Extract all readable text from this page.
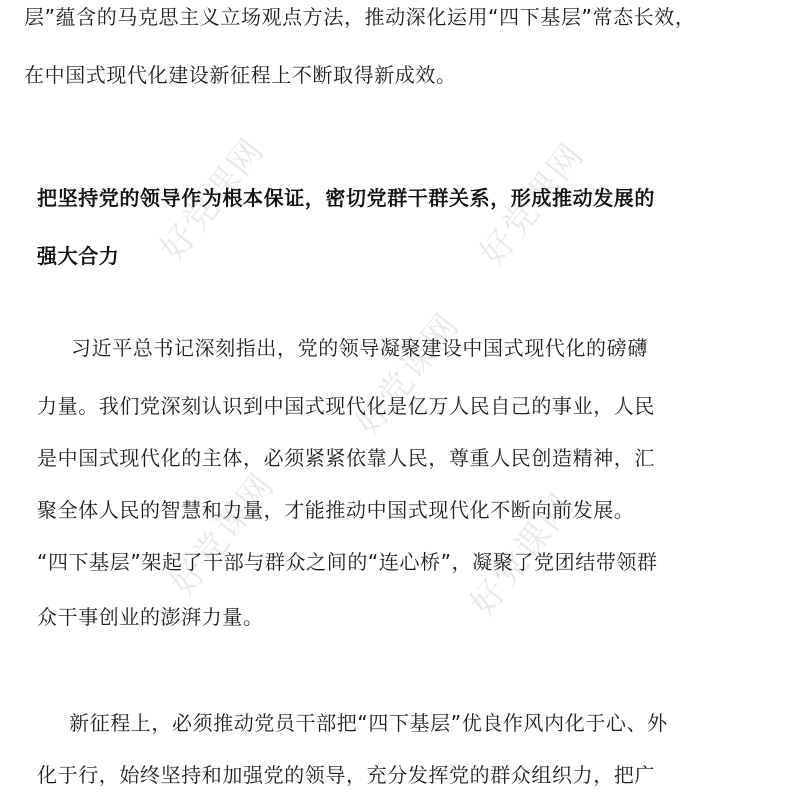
好党课网	好党课网
好党课网
好党课网	好党课网
层”蕴含的马克思主义立场观点方法，推动深化运用“四下基层”常态长效，
在中国式现代化建设新征程上不断取得新成效。
把坚持党的领导作为根本保证，密切党群干群关系，形成推动发展的
强大合力
习近平总书记深刻指出，党的领导凝聚建设中国式现代化的磅礴
力量。我们党深刻认识到中国式现代化是亿万人民自己的事业，人民
是中国式现代化的主体，必须紧紧依靠人民，尊重人民创造精神，汇
聚全体人民的智慧和力量，才能推动中国式现代化不断向前发展。
“四下基层”架起了干部与群众之间的“连心桥”，凝聚了党团结带领群
众干事创业的澎湃力量。
新征程上，必须推动党员干部把“四下基层”优良作风内化于心、外
化于行，始终坚持和加强党的领导，充分发挥党的群众组织力，把广
